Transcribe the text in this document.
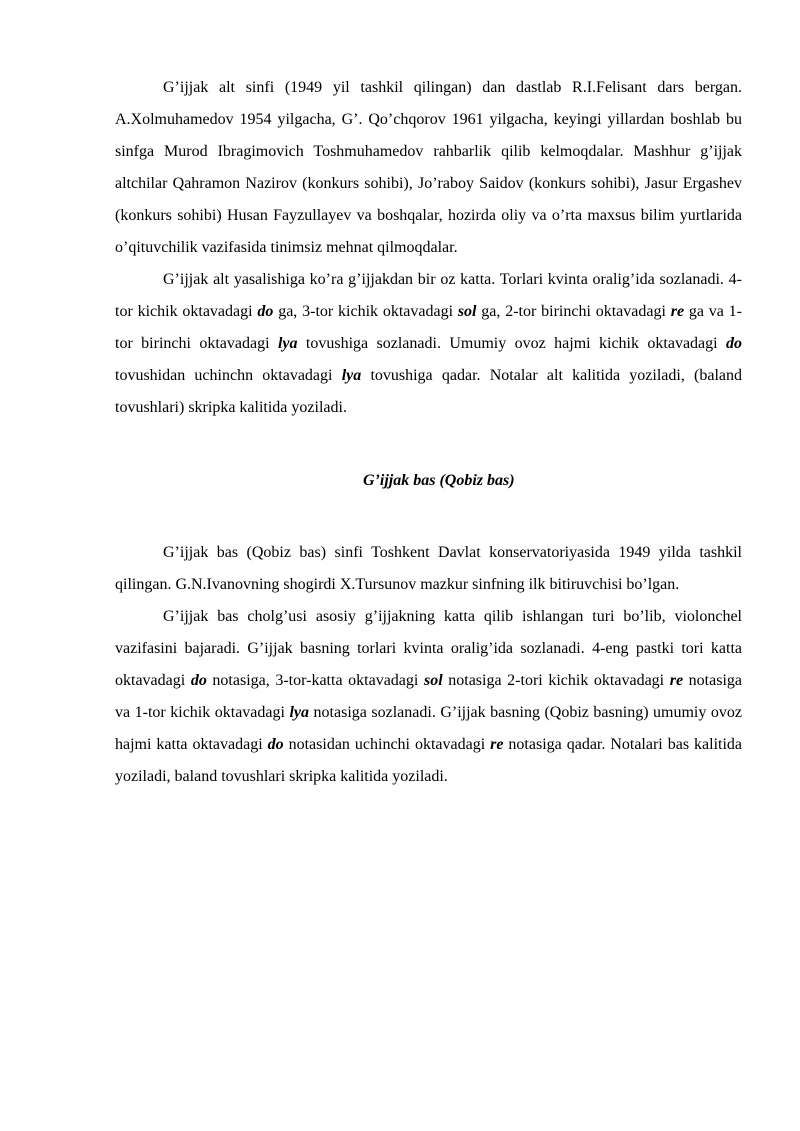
G’ijjak alt sinfi (1949 yil tashkil qilingan) dan dastlab R.I.Felisant dars bergan. A.Xolmuhamedov 1954 yilgacha, G’. Qo’chqorov 1961 yilgacha, keyingi yillardan boshlab bu sinfga Murod Ibragimovich Toshmuhamedov rahbarlik qilib kelmoqdalar. Mashhur g’ijjak altchilar Qahramon Nazirov (konkurs sohibi), Jo’raboy Saidov (konkurs sohibi), Jasur Ergashev (konkurs sohibi) Husan Fayzullayev va boshqalar, hozirda oliy va o’rta maxsus bilim yurtlarida o’qituvchilik vazifasida tinimsiz mehnat qilmoqdalar.

G’ijjak alt yasalishiga ko’ra g’ijjakdan bir oz katta. Torlari kvinta oralig’ida sozlanadi. 4-tor kichik oktavadagi do ga, 3-tor kichik oktavadagi sol ga, 2-tor birinchi oktavadagi re ga va 1-tor birinchi oktavadagi lya tovushiga sozlanadi. Umumiy ovoz hajmi kichik oktavadagi do tovushidan uchinchn oktavadagi lya tovushiga qadar. Notalar alt kalitida yoziladi, (baland tovushlari) skripka kalitida yoziladi.

G’ijjak bas (Qobiz bas)

G’ijjak bas (Qobiz bas) sinfi Toshkent Davlat konservatoriyasida 1949 yilda tashkil qilingan. G.N.Ivanovning shogirdi X.Tursunov mazkur sinfning ilk bitiruvchisi bo’lgan.

G’ijjak bas cholg’usi asosiy g’ijjakning katta qilib ishlangan turi bo’lib, violonchel vazifasini bajaradi. G’ijjak basning torlari kvinta oralig’ida sozlanadi. 4-eng pastki tori katta oktavadagi do notasiga, 3-tor-katta oktavadagi sol notasiga 2-tori kichik oktavadagi re notasiga va 1-tor kichik oktavadagi lya notasiga sozlanadi. G’ijjak basning (Qobiz basning) umumiy ovoz hajmi katta oktavadagi do notasidan uchinchi oktavadagi re notasiga qadar. Notalari bas kalitida yoziladi, baland tovushlari skripka kalitida yoziladi.
